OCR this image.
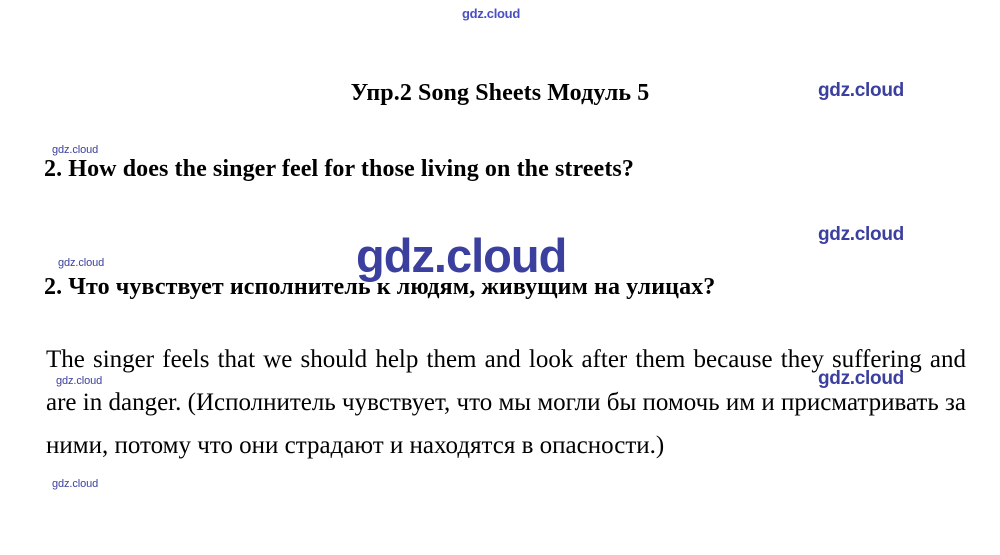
gdz.cloud
Упр.2 Song Sheets Модуль 5	gdz.cloud
gdz.cloud
2. How does the singer feel for those living on the streets?
gdz.cloud
gdz.cloud
gdz.cloud
2. Что чувствует исполнитель к людям, живущим на улицах?
The singer feels that we should help them and look after them because they suffering and are in danger. (Исполнитель чувствует, что мы могли бы помочь им и присматривать за ними, потому что они страдают и находятся в опасности.)
gdz.cloud
gdz.cloud
gdz.cloud
